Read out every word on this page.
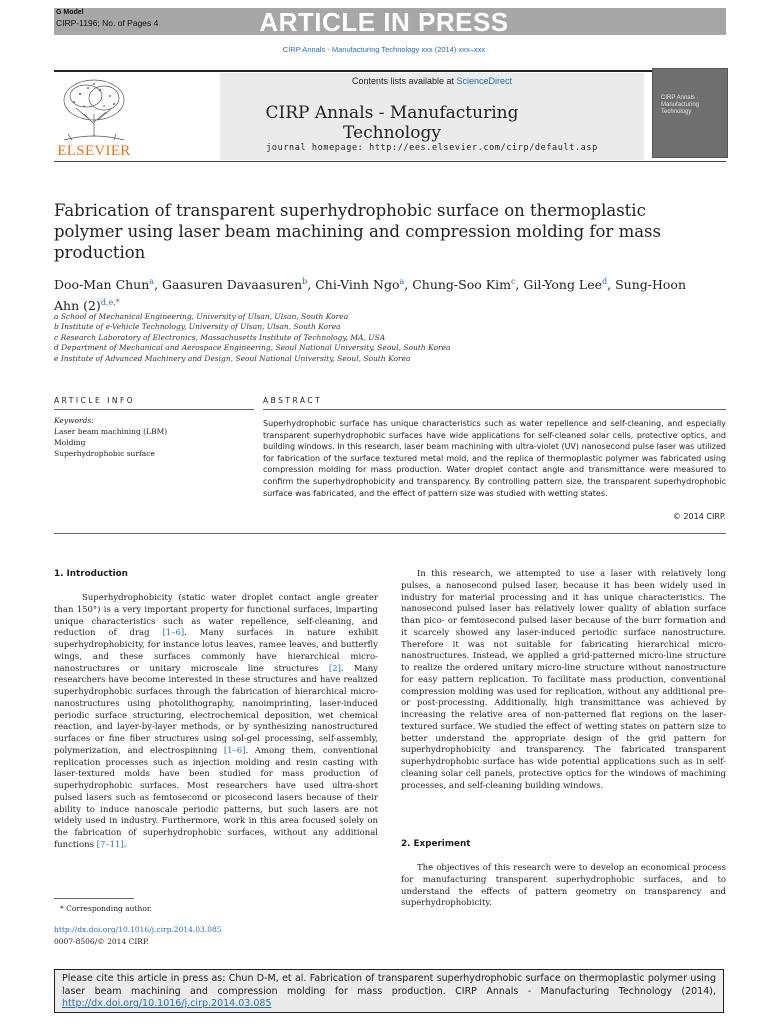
G Model
CIRP-1196; No. of Pages 4	ARTICLE IN PRESS
CIRP Annals - Manufacturing Technology xxx (2014) xxx–xxx
Contents lists available at ScienceDirect
CIRP Annals - Manufacturing Technology
journal homepage: http://ees.elsevier.com/cirp/default.asp
ELSEVIER
CIRP Annals · Manufacturing Technology
Fabrication of transparent superhydrophobic surface on thermoplastic polymer using laser beam machining and compression molding for mass production
Doo-Man Chun$^a$, Gaasuren Davaasuren$^b$, Chi-Vinh Ngo$^a$, Chung-Soo Kim$^c$, Gil-Yong Lee$^d$, Sung-Hoon Ahn $(2)^{d,e,*}$
a School of Mechanical Engineering, University of Ulsan, Ulsan, South Korea
b Institute of e-Vehicle Technology, University of Ulsan, Ulsan, South Korea
c Research Laboratory of Electronics, Massachusetts Institute of Technology, MA, USA
d Department of Mechanical and Aerospace Engineering, Seoul National University, Seoul, South Korea
e Institute of Advanced Machinery and Design, Seoul National University, Seoul, South Korea
ARTICLE INFO	ABSTRACT
Keywords:
Laser beam machining (LBM)
Molding
Superhydrophobic surface
Superhydrophobic surface has unique characteristics such as water repellence and self-cleaning, and especially transparent superhydrophobic surfaces have wide applications for self-cleaned solar cells, protective optics, and building windows. In this research, laser beam machining with ultra-violet (UV) nanosecond pulse laser was utilized for fabrication of the surface textured metal mold, and the replica of thermoplastic polymer was fabricated using compression molding for mass production. Water droplet contact angle and transmittance were measured to confirm the superhydrophobicity and transparency. By controlling pattern size, the transparent superhydrophobic surface was fabricated, and the effect of pattern size was studied with wetting states.
© 2014 CIRP.
1. Introduction
Superhydrophobicity (static water droplet contact angle greater than 150°) is a very important property for functional surfaces, imparting unique characteristics such as water repellence, self-cleaning, and reduction of drag [1–6]. Many surfaces in nature exhibit superhydrophobicity, for instance lotus leaves, ramee leaves, and butterfly wings, and these surfaces commonly have hierarchical micro-nanostructures or unitary microscale line structures [2]. Many researchers have become interested in these structures and have realized superhydrophobic surfaces through the fabrication of hierarchical micro-nanostructures using photolithography, nanoimprinting, laser-induced periodic surface structuring, electrochemical deposition, wet chemical reaction, and layer-by-layer methods, or by synthesizing nanostructured surfaces or fine fiber structures using sol-gel processing, self-assembly, polymerization, and electrospinning [1–6]. Among them, conventional replication processes such as injection molding and resin casting with laser-textured molds have been studied for mass production of superhydrophobic surfaces. Most researchers have used ultra-short pulsed lasers such as femtosecond or picosecond lasers because of their ability to induce nanoscale periodic patterns, but such lasers are not widely used in industry. Furthermore, work in this area focused solely on the fabrication of superhydrophobic surfaces, without any additional functions [7–11].
In this research, we attempted to use a laser with relatively long pulses, a nanosecond pulsed laser, because it has been widely used in industry for material processing and it has unique characteristics. The nanosecond pulsed laser has relatively lower quality of ablation surface than pico- or femtosecond pulsed laser because of the burr formation and it scarcely showed any laser-induced periodic surface nanostructure. Therefore it was not suitable for fabricating hierarchical micro-nanostructures. Instead, we applied a grid-patterned micro-line structure to realize the ordered unitary micro-line structure without nanostructure for easy pattern replication. To facilitate mass production, conventional compression molding was used for replication, without any additional pre- or post-processing. Additionally, high transmittance was achieved by increasing the relative area of non-patterned flat regions on the laser-textured surface. We studied the effect of wetting states on pattern size to better understand the appropriate design of the grid pattern for superhydrophobicity and transparency. The fabricated transparent superhydrophobic surface has wide potential applications such as in self-cleaning solar cell panels, protective optics for the windows of machining processes, and self-cleaning building windows.
2. Experiment
The objectives of this research were to develop an economical process for manufacturing transparent superhydrophobic surfaces, and to understand the effects of pattern geometry on transparency and superhydrophobicity.
* Corresponding author.
http://dx.doi.org/10.1016/j.cirp.2014.03.085
0007-8506/© 2014 CIRP.
Please cite this article in press as: Chun D-M, et al. Fabrication of transparent superhydrophobic surface on thermoplastic polymer using laser beam machining and compression molding for mass production. CIRP Annals - Manufacturing Technology (2014), http://dx.doi.org/10.1016/j.cirp.2014.03.085
